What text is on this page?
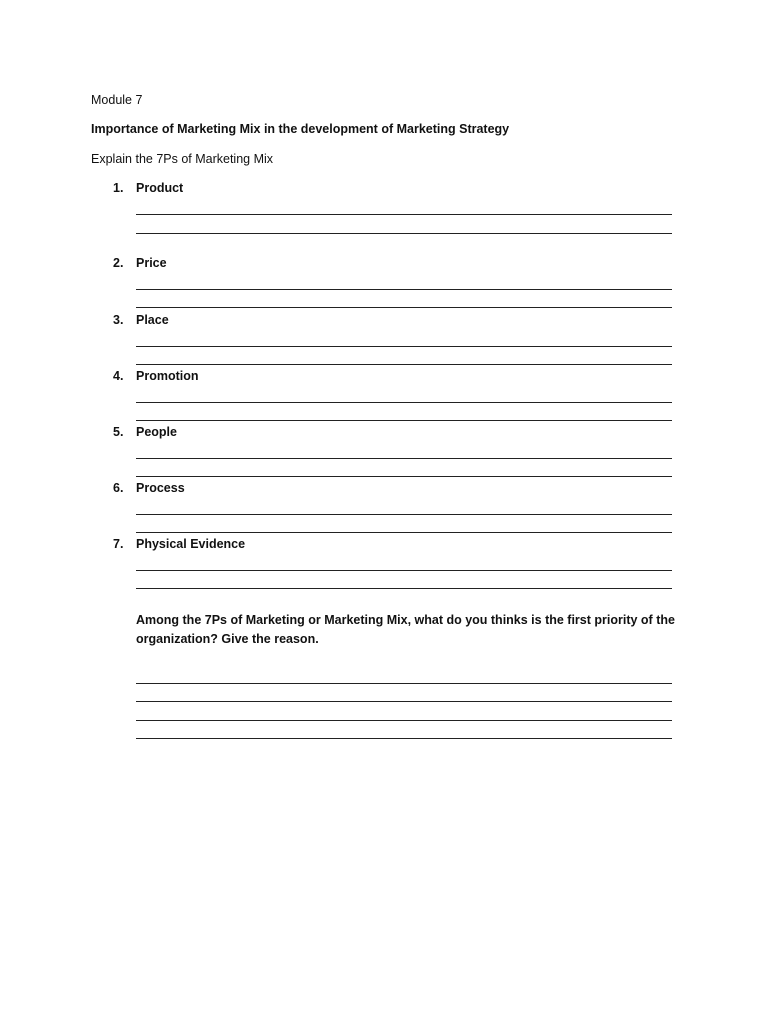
Module 7
Importance of Marketing Mix in the development of Marketing Strategy
Explain the 7Ps of Marketing Mix
1. Product
2. Price
3. Place
4. Promotion
5. People
6. Process
7. Physical Evidence
Among the 7Ps of Marketing or Marketing Mix, what do you thinks is the first priority of the organization? Give the reason.
